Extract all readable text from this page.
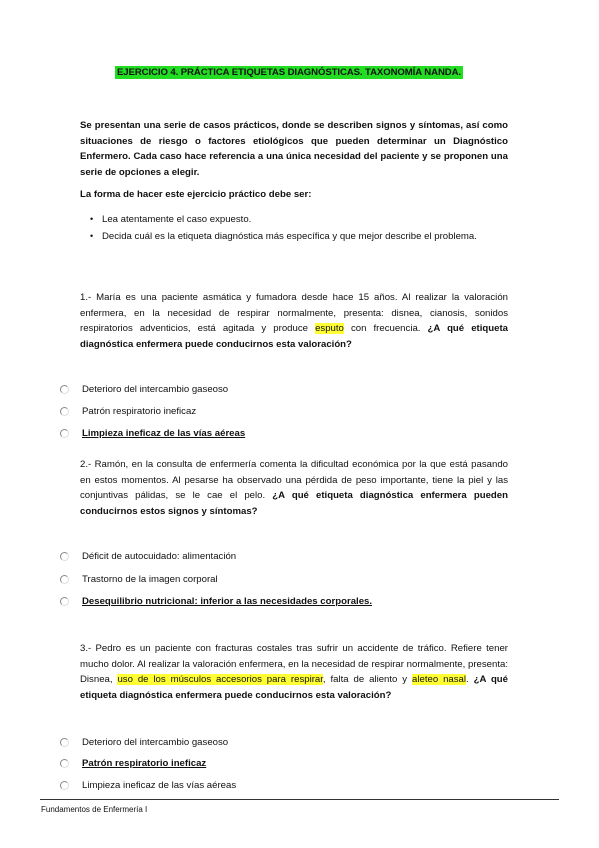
EJERCICIO 4. PRÁCTICA ETIQUETAS DIAGNÓSTICAS. TAXONOMÍA NANDA.
Se presentan una serie de casos prácticos, donde se describen signos y síntomas, así como situaciones de riesgo o factores etiológicos que pueden determinar un Diagnóstico Enfermero. Cada caso hace referencia a una única necesidad del paciente y se proponen una serie de opciones a elegir.
La forma de hacer este ejercicio práctico debe ser:
• Lea atentamente el caso expuesto.
• Decida cuál es la etiqueta diagnóstica más específica y que mejor describe el problema.
1.- María es una paciente asmática y fumadora desde hace 15 años. Al realizar la valoración enfermera, en la necesidad de respirar normalmente, presenta: disnea, cianosis, sonidos respiratorios adventicios, está agitada y produce esputo con frecuencia. ¿A qué etiqueta diagnóstica enfermera puede conducirnos esta valoración?
Deterioro del intercambio gaseoso
Patrón respiratorio ineficaz
Limpieza ineficaz de las vías aéreas
2.- Ramón, en la consulta de enfermería comenta la dificultad económica por la que está pasando en estos momentos. Al pesarse ha observado una pérdida de peso importante, tiene la piel y las conjuntivas pálidas, se le cae el pelo. ¿A qué etiqueta diagnóstica enfermera pueden conducirnos estos signos y síntomas?
Déficit de autocuidado: alimentación
Trastorno de la imagen corporal
Desequilibrio nutricional: inferior a las necesidades corporales.
3.- Pedro es un paciente con fracturas costales tras sufrir un accidente de tráfico. Refiere tener mucho dolor. Al realizar la valoración enfermera, en la necesidad de respirar normalmente, presenta: Disnea, uso de los músculos accesorios para respirar, falta de aliento y aleteo nasal. ¿A qué etiqueta diagnóstica enfermera puede conducirnos esta valoración?
Deterioro del intercambio gaseoso
Patrón respiratorio ineficaz
Limpieza ineficaz de las vías aéreas
Fundamentos de Enfermería I
